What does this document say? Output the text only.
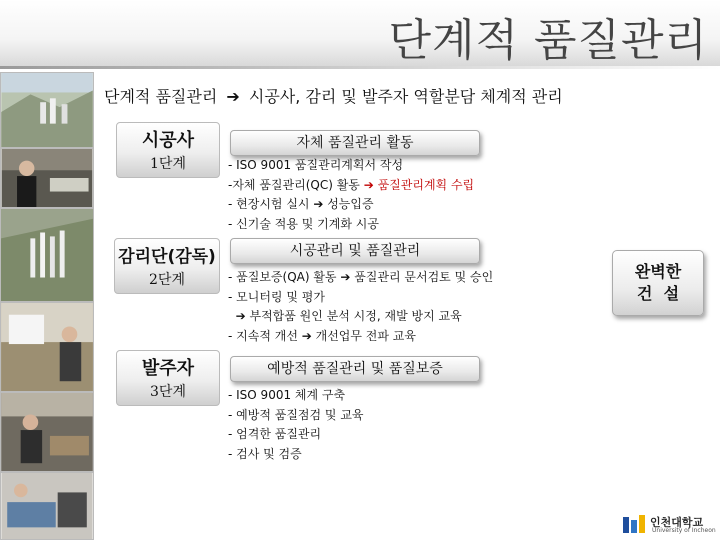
단계적 품질관리
단계적 품질관리 ➔ 시공사, 감리 및 발주자 역할분담 체계적 관리
시공사
1단계
자체 품질관리 활동
- ISO 9001 품질관리계획서 작성
-자체 품질관리(QC) 활동 ➔ 품질관리계획 수립
- 현장시험 실시 ➔ 성능입증
- 신기술 적용 및 기계화 시공
감리단(감독)
2단계
시공관리 및 품질관리
- 품질보증(QA) 활동 ➔ 품질관리 문서검토 및 승인
- 모니터링 및 평가
➔ 부적합품 원인 분석 시정, 재발 방지 교육
- 지속적 개선 ➔ 개선업무 전파 교육
발주자
3단계
예방적 품질관리 및 품질보증
- ISO 9001 체계 구축
- 예방적 품질점검 및 교육
- 엄격한 품질관리
- 검사 및 검증
완벽한
건  설
인천대학교
University of Incheon
